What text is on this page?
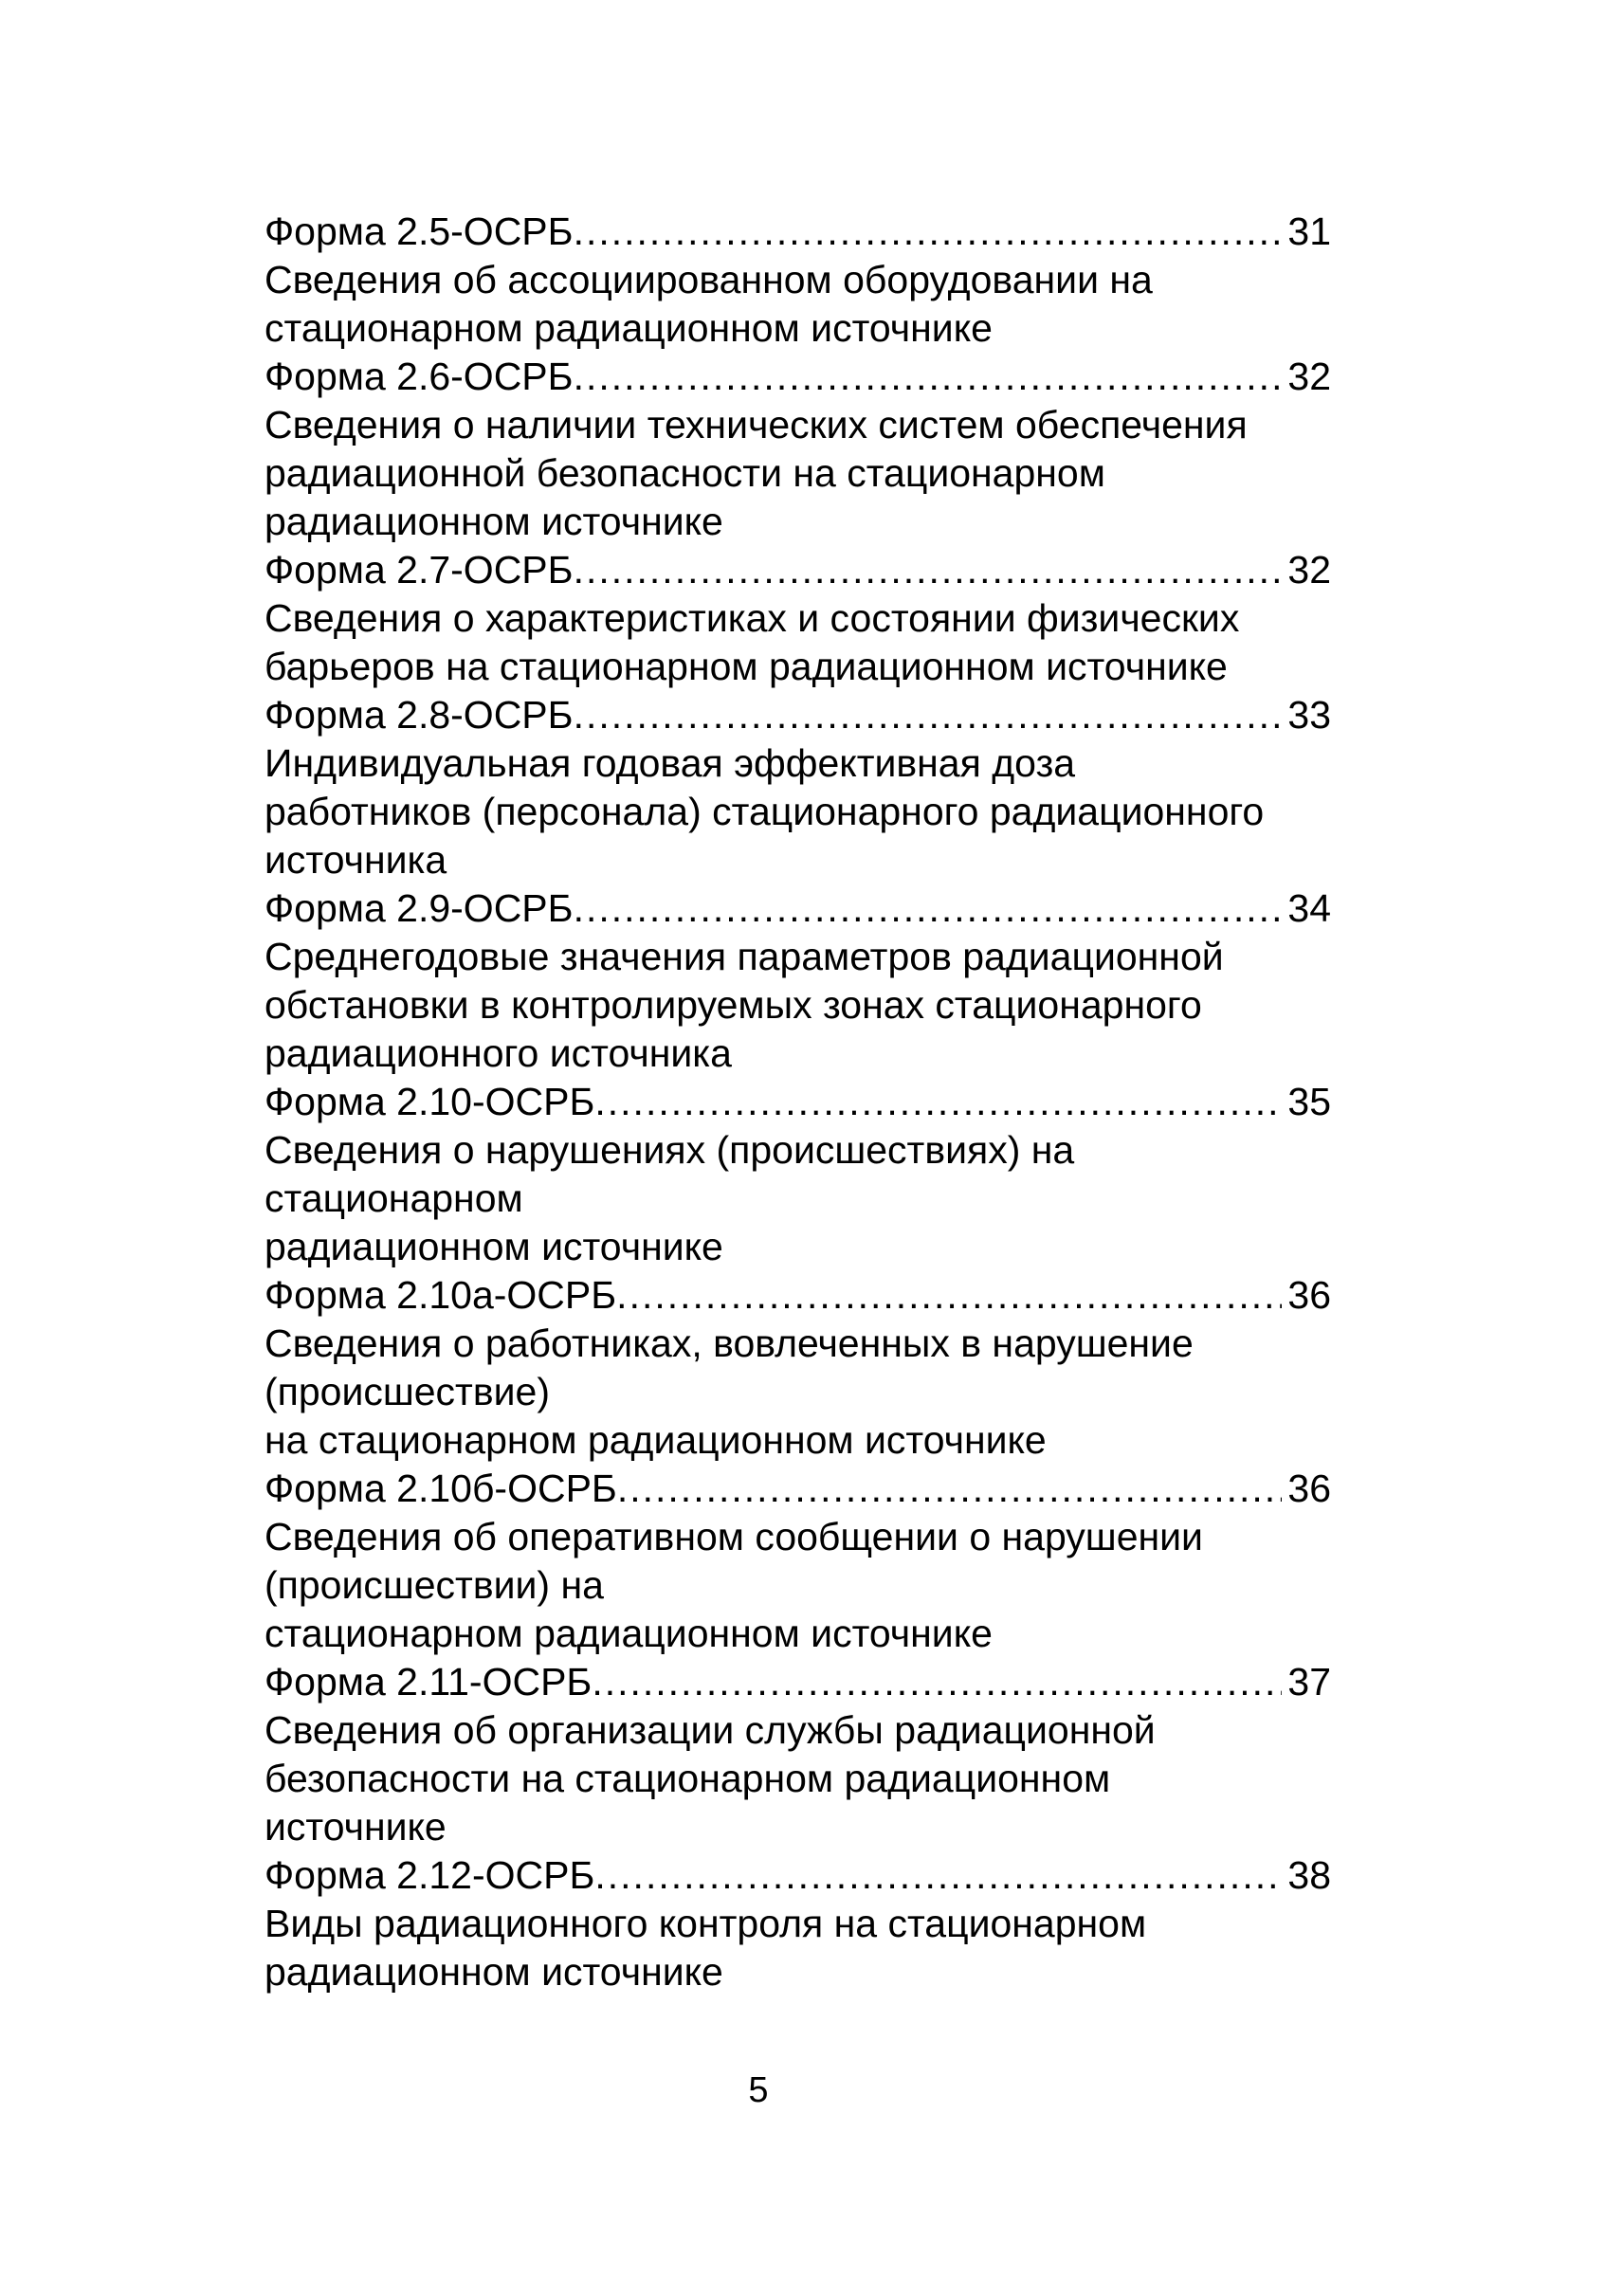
Форма 2.5-ОСРБ .....	31
Сведения об ассоциированном оборудовании на
стационарном радиационном источнике
Форма 2.6-ОСРБ .....	32
Сведения о наличии технических систем обеспечения
радиационной безопасности на стационарном
радиационном источнике
Форма 2.7-ОСРБ .....	32
Сведения о характеристиках и состоянии физических
барьеров на стационарном радиационном источнике
Форма 2.8-ОСРБ .....	33
Индивидуальная годовая эффективная доза
работников (персонала) стационарного радиационного
источника
Форма 2.9-ОСРБ .....	34
Среднегодовые значения параметров радиационной
обстановки в контролируемых зонах стационарного
радиационного источника
Форма 2.10-ОСРБ .....	35
Сведения о нарушениях (происшествиях) на
стационарном
радиационном источнике
Форма 2.10а-ОСРБ .....	36
Сведения о работниках, вовлеченных в нарушение
(происшествие)
на стационарном радиационном источнике
Форма 2.10б-ОСРБ .....	36
Сведения об оперативном сообщении о нарушении
(происшествии) на
стационарном радиационном источнике
Форма 2.11-ОСРБ .....	37
Сведения об организации службы радиационной
безопасности на стационарном радиационном
источнике
Форма 2.12-ОСРБ .....	38
Виды радиационного контроля на стационарном
радиационном источнике
5
